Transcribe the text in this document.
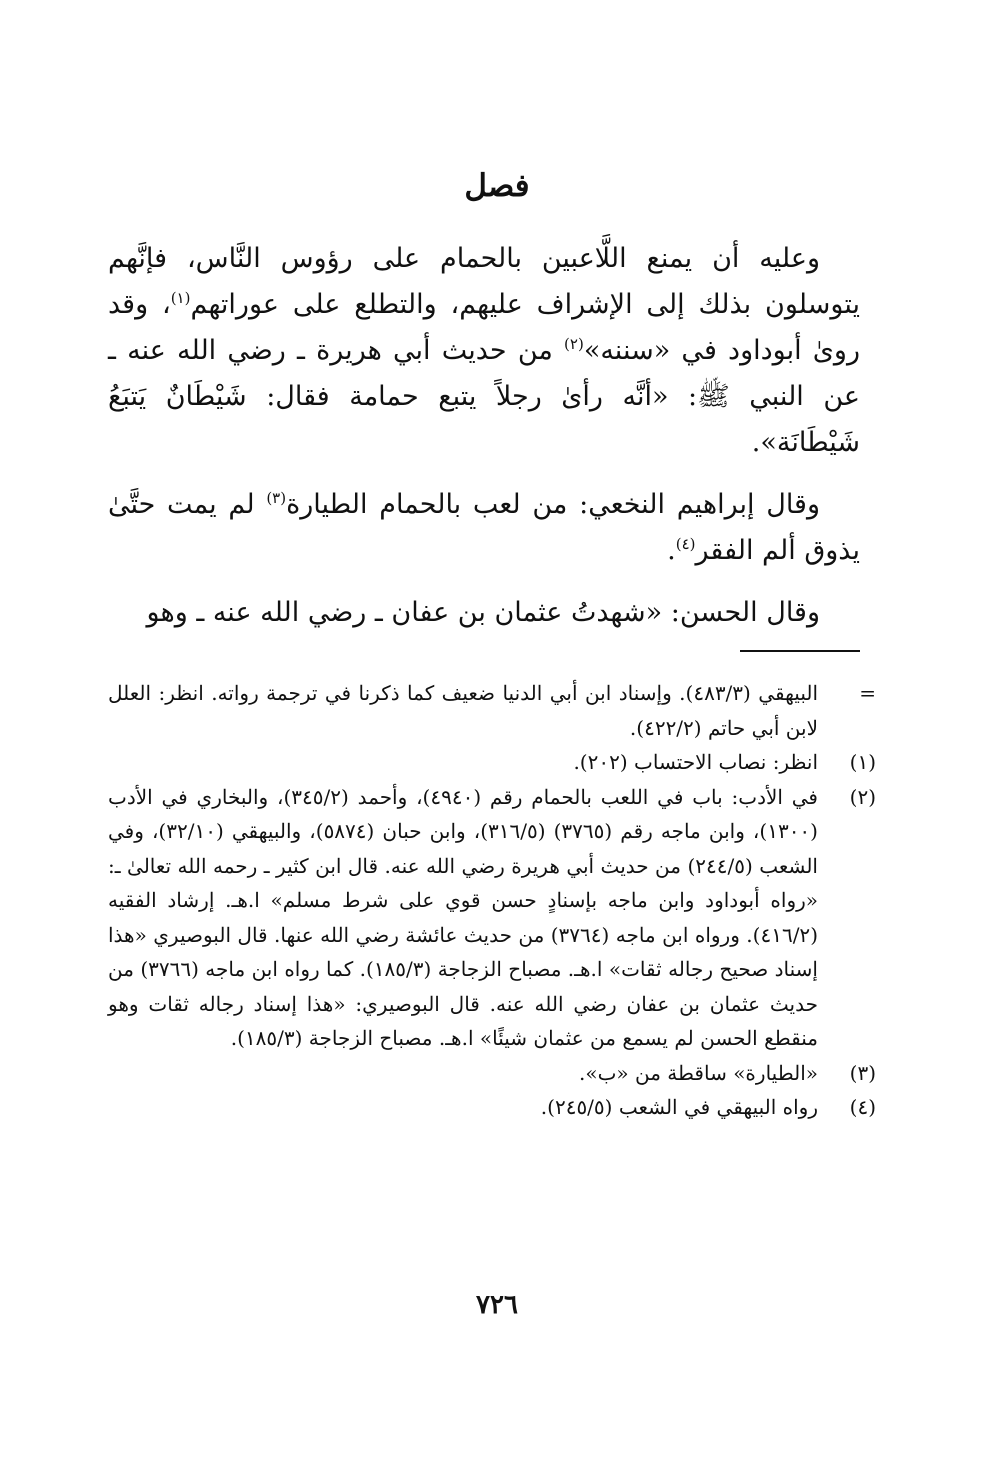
فصل

وعليه أن يمنع اللَّاعبين بالحمام على رؤوس النَّاس، فإنَّهم يتوسلون بذلك إلى الإشراف عليهم، والتطلع على عوراتهم$^{(١)}$، وقد رویٰ أبوداود في «سننه»$^{(٢)}$ من حديث أبي هريرة ـ رضي الله عنه ـ عن النبي ﷺ: «أنَّه رأىٰ رجلاً يتبع حمامة فقال: شَيْطَانٌ يَتبَعُ شَيْطَانَة».

وقال إبراهيم النخعي: من لعب بالحمام الطيارة$^{(٣)}$ لم يمت حتَّىٰ يذوق ألم الفقر$^{(٤)}$.

وقال الحسن: «شهدتُ عثمان بن عفان ـ رضي الله عنه ـ وهو

=
البيهقي (٤٨٣/٣). وإسناد ابن أبي الدنيا ضعيف كما ذكرنا في ترجمة رواته. انظر: العلل لابن أبي حاتم (٤٢٢/٢).
(١)
انظر: نصاب الاحتساب (٢٠٢).
(٢)
في الأدب: باب في اللعب بالحمام رقم (٤٩٤٠)، وأحمد (٣٤٥/٢)، والبخاري في الأدب (١٣٠٠)، وابن ماجه رقم (٣٧٦٥) (٣١٦/٥)، وابن حبان (٥٨٧٤)، والبيهقي (٣٢/١٠)، وفي الشعب (٢٤٤/٥) من حديث أبي هريرة رضي الله عنه. قال ابن كثير ـ رحمه الله تعالىٰ ـ: «رواه أبوداود وابن ماجه بإسنادٍ حسن قوي على شرط مسلم» ا.هـ. إرشاد الفقيه (٤١٦/٢). ورواه ابن ماجه (٣٧٦٤) من حديث عائشة رضي الله عنها. قال البوصيري «هذا إسناد صحيح رجاله ثقات» ا.هـ. مصباح الزجاجة (١٨٥/٣). كما رواه ابن ماجه (٣٧٦٦) من حديث عثمان بن عفان رضي الله عنه. قال البوصيري: «هذا إسناد رجاله ثقات وهو منقطع الحسن لم يسمع من عثمان شيئًا» ا.هـ. مصباح الزجاجة (١٨٥/٣).
(٣)
«الطيارة» ساقطة من «ب».
(٤)
رواه البيهقي في الشعب (٢٤٥/٥).
٧٢٦
